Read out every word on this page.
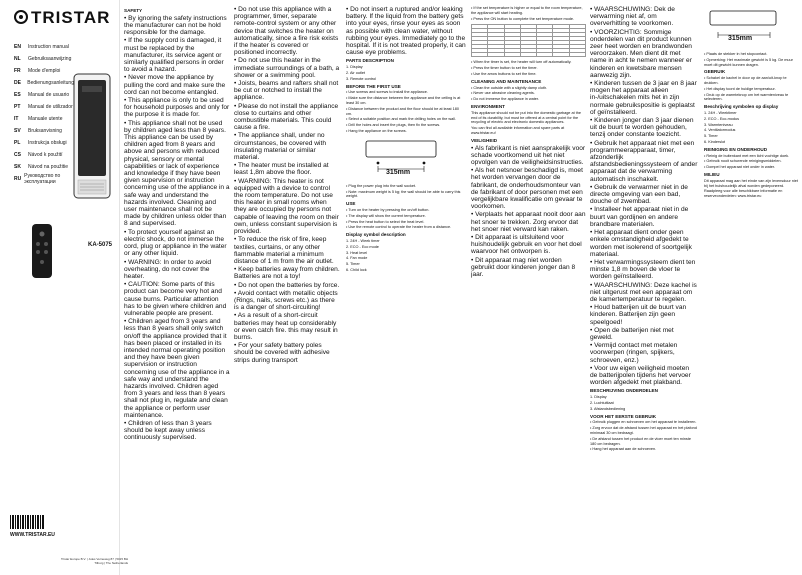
TRISTAR
EN	Instruction manual
NL	Gebruiksaanwijzing
FR	Mode d'emploi
DE	Bedienungsanleitung
ES	Manual de usuario
PT	Manual de utilizador
IT	Manuale utente
SV	Bruksanvisning
PL	Instrukcja obsługi
CS	Návod k použití
SK	Návod na použitie
RU Руководство по эксплуатации
KA-5075

WWW.TRISTAR.EU
Tristar Europe B.V. | Jules Verneweg 87 | 5015 BH Tilburg | The Netherlands
SAFETY
• By ignoring the safety instructions the manufacturer can not be hold responsible for the damage.
• If the supply cord is damaged, it must be replaced by the manufacturer, its service agent or similarly qualified persons in order to avoid a hazard.
• Never move the appliance by pulling the cord and make sure the cord can not become entangled.
• This appliance is only to be used for household purposes and only for the purpose it is made for.
• This appliance shall not be used by children aged less than 8 years. This appliance can be used by children aged from 8 years and above and persons with reduced physical, sensory or mental capabilities or lack of experience and knowledge if they have been given supervision or instruction concerning use of the appliance in a safe way and understand the hazards involved. Cleaning and user maintenance shall not be made by children unless older than 8 and supervised.
• To protect yourself against an electric shock, do not immerse the cord, plug or appliance in the water or any other liquid.
• WARNING: In order to avoid overheating, do not cover the heater.
• CAUTION: Some parts of this product can become very hot and cause burns. Particular attention has to be given where children and vulnerable people are present.
• Children aged from 3 years and less than 8 years shall only switch on/off the appliance provided that it has been placed or installed in its intended normal operating position and they have been given supervision or instruction concerning use of the appliance in a safe way and understand the hazards involved. Children aged from 3 years and less than 8 years shall not plug in, regulate and clean the appliance or perform user maintenance.
• Children of less than 3 years should be kept away unless continuously supervised.
• Do not use this appliance with a programmer, timer, separate remote-control system or any other device that switches the heater on automatically, since a fire risk exists if the heater is covered or positioned incorrectly.
• Do not use this heater in the immediate surroundings of a bath, a shower or a swimming pool.
• Joists, beams and rafters shall not be cut or notched to install the appliance.
• Please do not install the appliance close to curtains and other combustible materials. This could cause a fire.
• The appliance shall, under no circumstances, be covered with insulating material or similar material.
• The heater must be installed at least 1,8m above the floor.
• WARNING: This heater is not equipped with a device to control the room temperature. Do not use this heater in small rooms when they are occupied by persons not capable of leaving the room on their own, unless constant supervision is provided.
• To reduce the risk of fire, keep textiles, curtains, or any other flammable material a minimum distance of 1 m from the air outlet.
• Keep batteries away from children. Batteries are not a toy!
• Do not open the batteries by force.
• Avoid contact with metallic objects (Rings, nails, screws etc.) as there is a danger of short-circuiting!
• As a result of a short-circuit batteries may heat up considerably or even catch fire. this may result in burns.
• For your safety battery poles should be covered with adhesive strips during transport
• Do not insert a ruptured and/or leaking battery. If the liquid from the battery gets into your eyes, rinse your eyes as soon as possible with clean water, without rubbing your eyes. Immediately go to the hospital. If it is not treated properly, it can cause eye problems.
PARTS DESCRIPTION
1. Display
2. Air outlet
3. Remote control
BEFORE THE FIRST USE
• Use screws and screws to install the appliance.
• Make sure the distance between the appliance and the ceiling is at least 30 cm.
• Distance between the product and the floor should be at least 180 cm.
• Select a suitable position and mark the drilling holes on the wall.
• Drill the holes and insert the plugs, then fix the screws.
• Hang the appliance on the screws.
315mm
• Plug the power plug into the wall socket.
• Note: maximum weight is 5 kg; the wall should be able to carry this weight.
USE
• Turn on the heater by pressing the on/off button.
• The display will show the current temperature.
• Press the heat button to select the heat level.
• Use the remote control to operate the heater from a distance.
Display symbol description
1. 24H - Week timer
2. ECO - Eco mode
3. Heat level
4. Fan mode
5. Timer
6. Child lock
• If the set temperature is higher or equal to the room temperature, the appliance will start heating.
• Press the ON button to complete the set temperature mode.

• When the timer is set, the heater will turn off automatically.
• Press the timer button to set the timer.
• Use the arrow buttons to set the time.
CLEANING AND MAINTENANCE
• Clean the outside with a slightly damp cloth.
• Never use abrasive cleaning agents.
• Do not immerse the appliance in water.
ENVIRONMENT
This appliance should not be put into the domestic garbage at the end of its durability, but must be offered at a central point for the recycling of electric and electronic domestic appliances.
You can find all available information and spare parts at www.tristar.eu!
VEILIGHEID
• Als fabrikant is niet aansprakelijk voor schade voortkomend uit het niet opvolgen van de veiligheidsinstructies.
• Als het netsnoer beschadigd is, moet het worden vervangen door de fabrikant, de onderhoudsmonteur van de fabrikant of door personen met een vergelijkbare kwalificatie om gevaar te voorkomen.
• Verplaats het apparaat nooit door aan het snoer te trekken. Zorg ervoor dat het snoer niet verward kan raken.
• Dit apparaat is uitsluitend voor huishoudelijk gebruik en voor het doel waarvoor het ontworpen is.
• Dit apparaat mag niet worden gebruikt door kinderen jonger dan 8 jaar.
• WAARSCHUWING: Dek de verwarming niet af, om oververhitting te voorkomen.
• VOORZICHTIG: Sommige onderdelen van dit product kunnen zeer heet worden en brandwonden veroorzaken. Men dient dit met name in acht te nemen wanneer er kinderen en kwetsbare mensen aanwezig zijn.
• Kinderen tussen de 3 jaar en 8 jaar mogen het apparaat alleen in-/uitschakelen mits het in zijn normale gebruikspositie is geplaatst of geïnstalleerd.
• Kinderen jonger dan 3 jaar dienen uit de buurt te worden gehouden, tenzij onder constante toezicht.
• Gebruik het apparaat niet met een programmeerapparaat, timer, afzonderlijk afstandsbedieningssysteem of ander apparaat dat de verwarming automatisch inschakelt.
• Gebruik de verwarmer niet in de directe omgeving van een bad, douche of zwembad.
• Installeer het apparaat niet in de buurt van gordijnen en andere brandbare materialen.
• Het apparaat dient onder geen enkele omstandigheid afgedekt te worden met isolerend of soortgelijk materiaal.
• Het verwarmingssysteem dient ten minste 1,8 m boven de vloer te worden geïnstalleerd.
• WAARSCHUWING: Deze kachel is niet uitgerust met een apparaat om de kamertemperatuur te regelen.
• Houd batterijen uit de buurt van kinderen. Batterijen zijn geen speelgoed!
• Open de batterijen niet met geweld.
• Vermijd contact met metalen voorwerpen (ringen, spijkers, schroeven, enz.)
• Voor uw eigen veiligheid moeten de batterijpolen tijdens het vervoer worden afgedekt met plakband.
BESCHRIJVING ONDERDELEN
1. Display
2. Luchtuitlaat
3. Afstandsbediening
VOOR HET EERSTE GEBRUIK
• Gebruik pluggen en schroeven om het apparaat te installeren.
• Zorg ervoor dat de afstand tussen het apparaat en het plafond minimaal 30 cm bedraagt.
• De afstand tussen het product en de vloer moet ten minste 180 cm bedragen.
• Hang het apparaat aan de schroeven.
315mm
• Plaats de stekker in het stopcontact.
• Opmerking: Het maximale gewicht is 5 kg. De muur moet dit gewicht kunnen dragen.
GEBRUIK
• Schakel de kachel in door op de aan/uit-knop te drukken.
• Het display toont de huidige temperatuur.
• Druk op de warmteknop om het warmteniveau te selecteren.
Beschrijving symbolen op display
1. 24H - Weektimer
2. ECO - Eco-modus
3. Warmteniveau
4. Ventilatormodus
5. Timer
6. Kinderslot
REINIGING EN ONDERHOUD
• Reinig de buitenkant met een licht vochtige doek.
• Gebruik nooit schurende reinigingsmiddelen.
• Dompel het apparaat niet onder in water.
MILIEU
Dit apparaat mag aan het einde van zijn levensduur niet bij het huishoudelijk afval worden gedeponeerd.
Raadpleeg voor alle beschikbare informatie en reserveonderdelen: www.tristar.eu
